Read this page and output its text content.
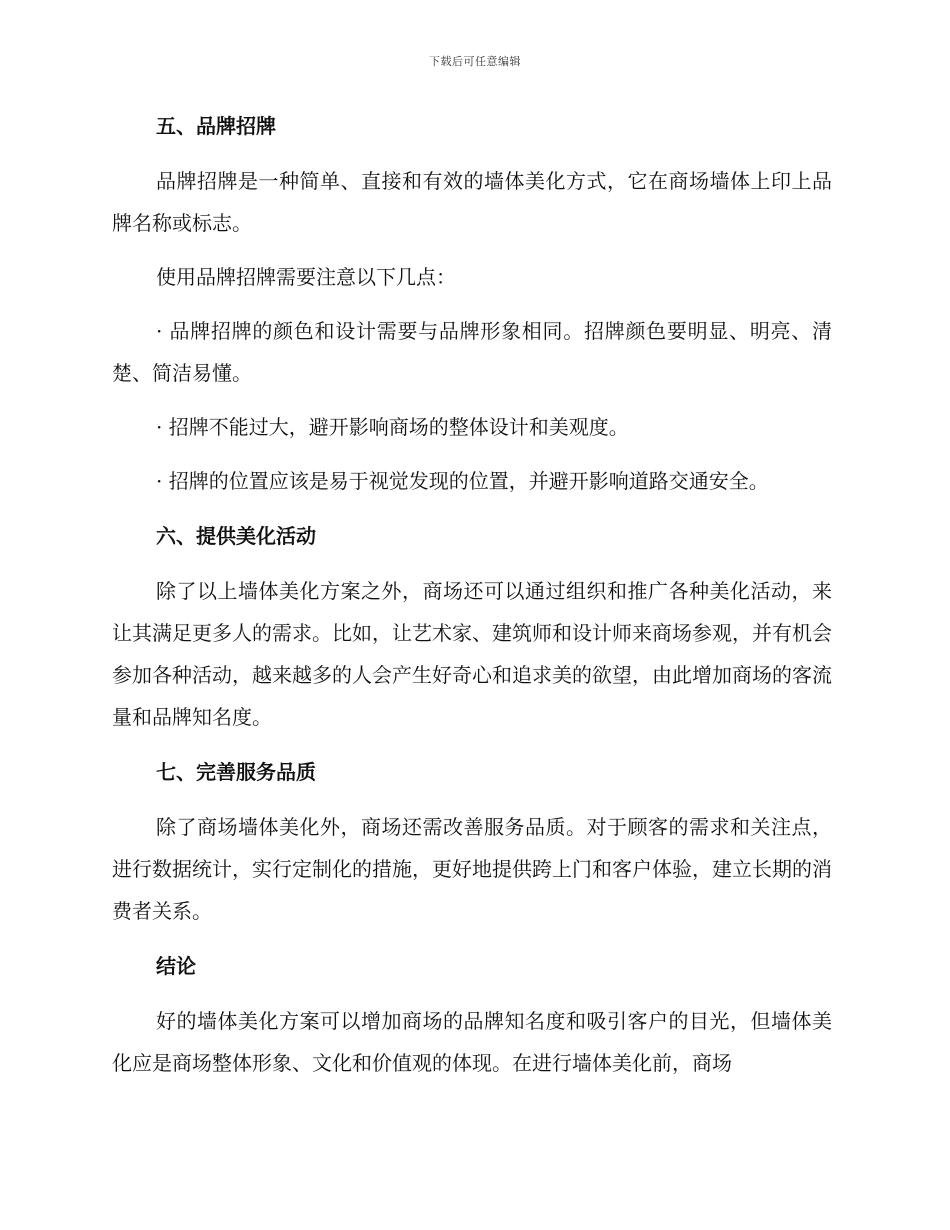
下载后可任意编辑
五、品牌招牌

品牌招牌是一种简单、直接和有效的墙体美化方式，它在商场墙体上印上品牌名称或标志。

使用品牌招牌需要注意以下几点：

· 品牌招牌的颜色和设计需要与品牌形象相同。招牌颜色要明显、明亮、清楚、简洁易懂。

· 招牌不能过大，避开影响商场的整体设计和美观度。

· 招牌的位置应该是易于视觉发现的位置，并避开影响道路交通安全。

六、提供美化活动

除了以上墙体美化方案之外，商场还可以通过组织和推广各种美化活动，来让其满足更多人的需求。比如，让艺术家、建筑师和设计师来商场参观，并有机会参加各种活动，越来越多的人会产生好奇心和追求美的欲望，由此增加商场的客流量和品牌知名度。

七、完善服务品质

除了商场墙体美化外，商场还需改善服务品质。对于顾客的需求和关注点，进行数据统计，实行定制化的措施，更好地提供跨上门和客户体验，建立长期的消费者关系。

结论

好的墙体美化方案可以增加商场的品牌知名度和吸引客户的目光，但墙体美化应是商场整体形象、文化和价值观的体现。在进行墙体美化前，商场
